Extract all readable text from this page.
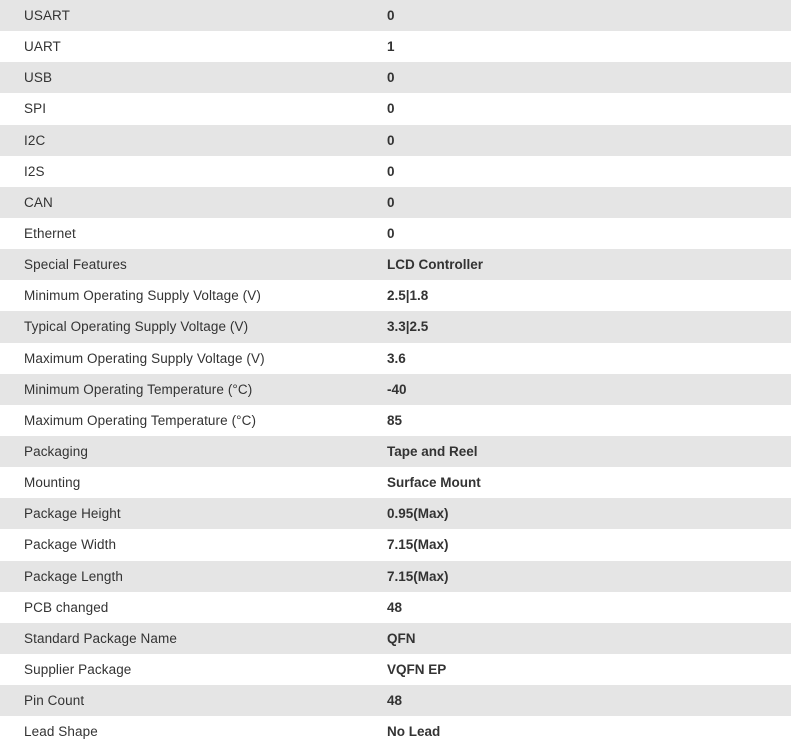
USART	0
UART	1
USB	0
SPI	0
I2C	0
I2S	0
CAN	0
Ethernet	0
Special Features	LCD Controller
Minimum Operating Supply Voltage (V)	2.5|1.8
Typical Operating Supply Voltage (V)	3.3|2.5
Maximum Operating Supply Voltage (V)	3.6
Minimum Operating Temperature (°C)	-40
Maximum Operating Temperature (°C)	85
Packaging	Tape and Reel
Mounting	Surface Mount
Package Height	0.95(Max)
Package Width	7.15(Max)
Package Length	7.15(Max)
PCB changed	48
Standard Package Name	QFN
Supplier Package	VQFN EP
Pin Count	48
Lead Shape	No Lead
